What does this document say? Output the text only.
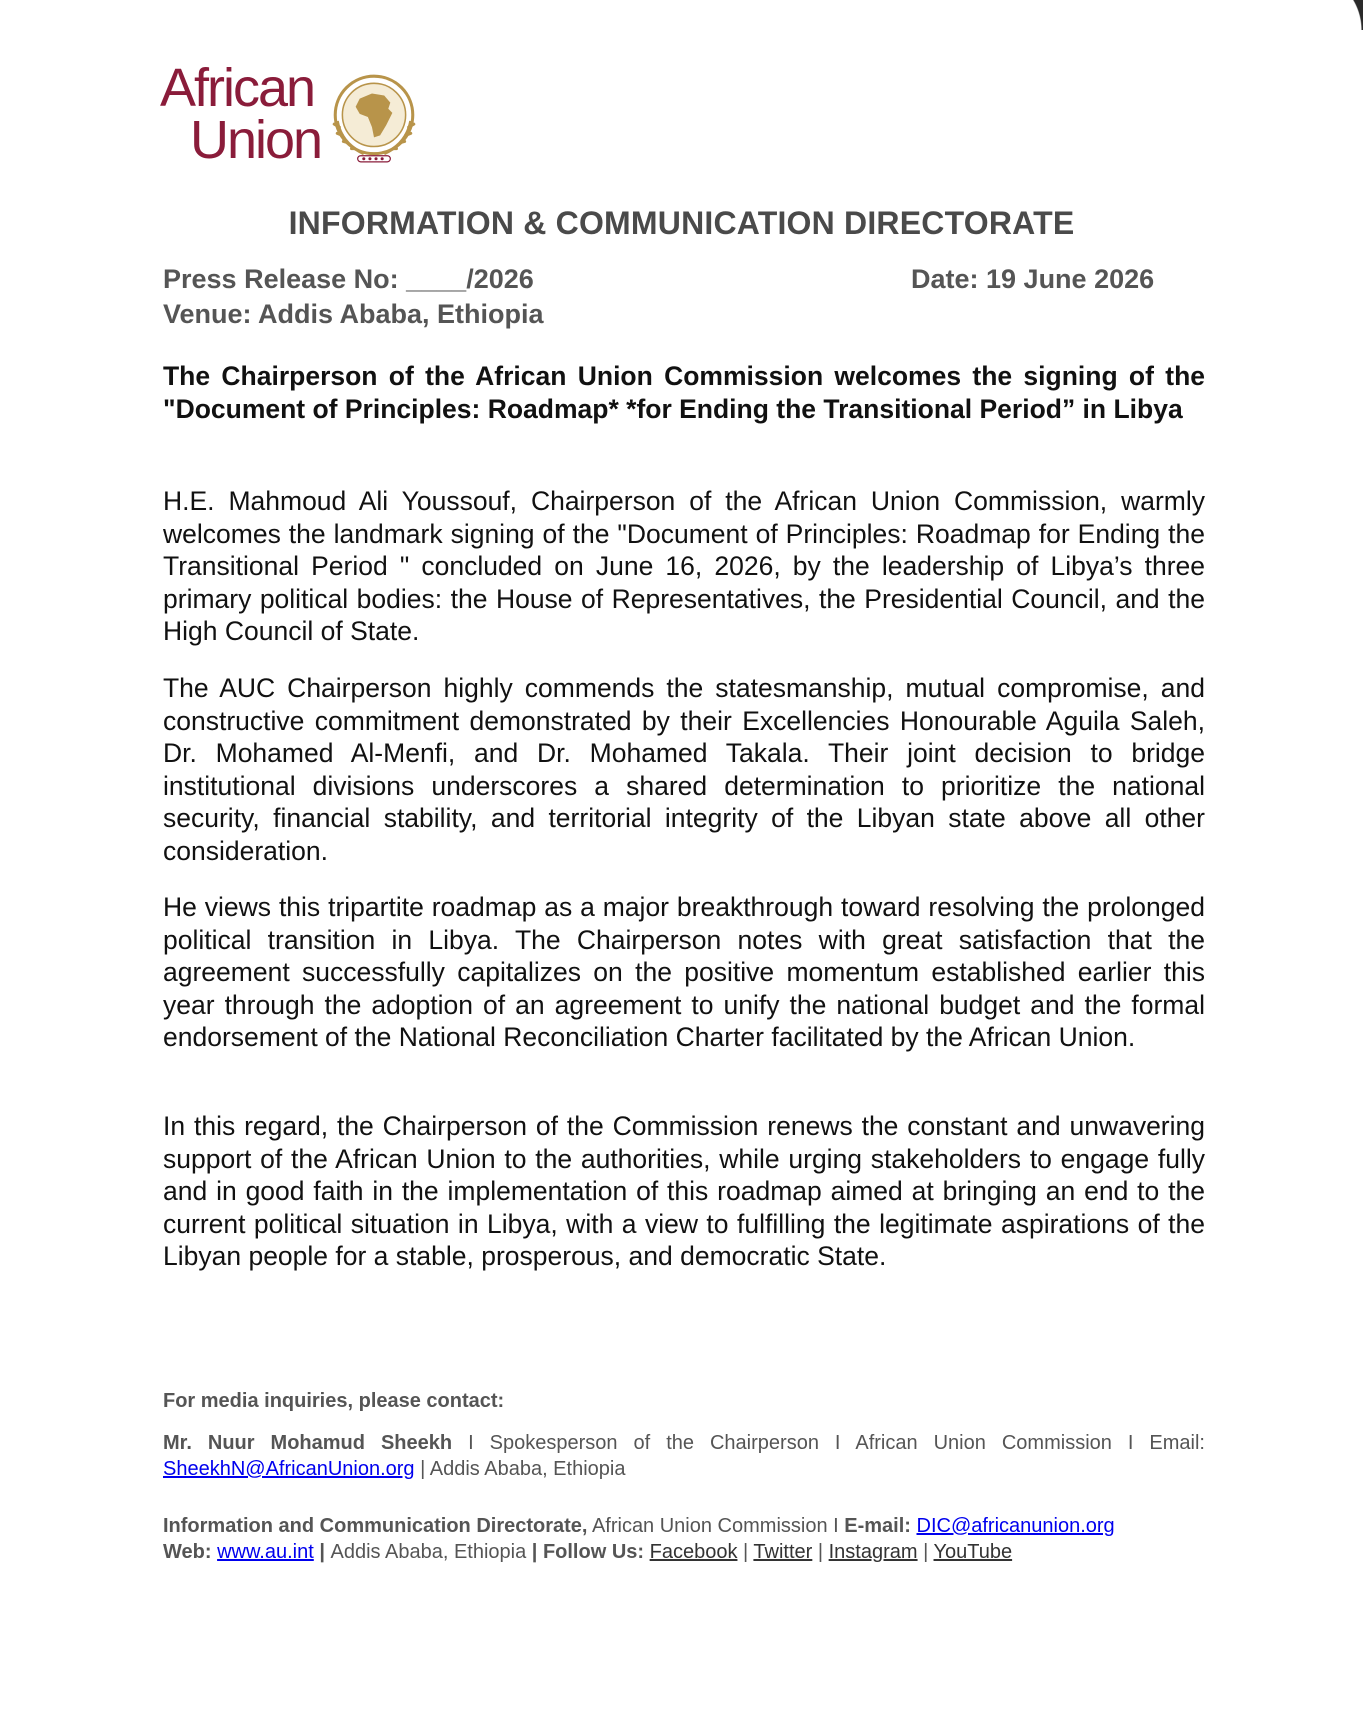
African
Union
INFORMATION & COMMUNICATION DIRECTORATE
Press Release No: ____/2026	Date: 19 June 2026
Venue: Addis Ababa, Ethiopia
The Chairperson of the African Union Commission welcomes the signing of the "Document of Principles: Roadmap* *for Ending the Transitional Period” in Libya

H.E. Mahmoud Ali Youssouf, Chairperson of the African Union Commission, warmly welcomes the landmark signing of the "Document of Principles: Roadmap for Ending the Transitional Period " concluded on June 16, 2026, by the leadership of Libya’s three primary political bodies: the House of Representatives, the Presidential Council, and the High Council of State.

The AUC Chairperson highly commends the statesmanship, mutual compromise, and constructive commitment demonstrated by their Excellencies Honourable Aguila Saleh, Dr. Mohamed Al-Menfi, and Dr. Mohamed Takala. Their joint decision to bridge institutional divisions underscores a shared determination to prioritize the national security, financial stability, and territorial integrity of the Libyan state above all other consideration.

He views this tripartite roadmap as a major breakthrough toward resolving the prolonged political transition in Libya. The Chairperson notes with great satisfaction that the agreement successfully capitalizes on the positive momentum established earlier this year through the adoption of an agreement to unify the national budget and the formal endorsement of the National Reconciliation Charter facilitated by the African Union.

In this regard, the Chairperson of the Commission renews the constant and unwavering support of the African Union to the authorities, while urging stakeholders to engage fully and in good faith in the implementation of this roadmap aimed at bringing an end to the current political situation in Libya, with a view to fulfilling the legitimate aspirations of the Libyan people for a stable, prosperous, and democratic State.

For media inquiries, please contact:
Mr. Nuur Mohamud Sheekh I Spokesperson of the Chairperson I African Union Commission I Email: SheekhN@AfricanUnion.org | Addis Ababa, Ethiopia
Information and Communication Directorate, African Union Commission I E-mail: DIC@africanunion.org
Web: www.au.int | Addis Ababa, Ethiopia | Follow Us: Facebook | Twitter | Instagram | YouTube
